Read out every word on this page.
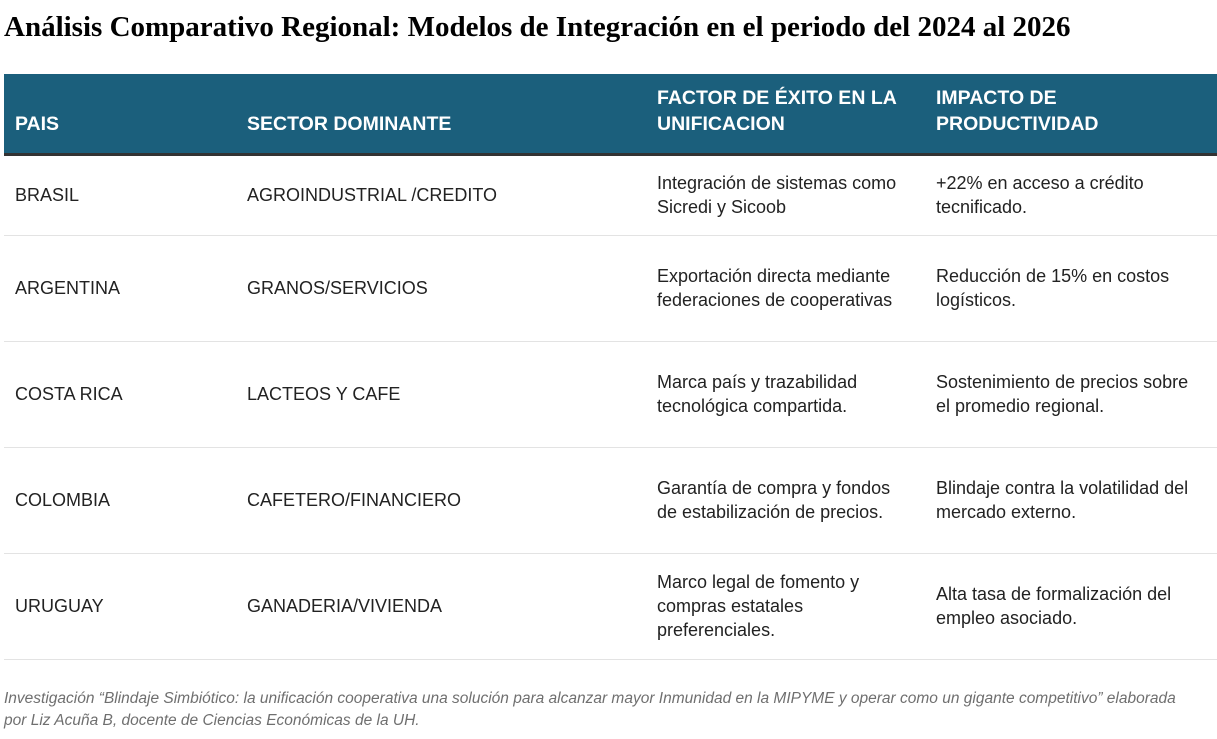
Análisis Comparativo Regional: Modelos de Integración en el periodo del 2024 al 2026
PAIS	SECTOR DOMINANTE	FACTOR DE ÉXITO EN LA UNIFICACION	IMPACTO DE PRODUCTIVIDAD
BRASIL	AGROINDUSTRIAL /CREDITO	Integración de sistemas como Sicredi y Sicoob	+22% en acceso a crédito tecnificado.
ARGENTINA	GRANOS/SERVICIOS	Exportación directa mediante federaciones de cooperativas	Reducción de 15% en costos logísticos.
COSTA RICA	LACTEOS Y CAFE	Marca país y trazabilidad tecnológica compartida.	Sostenimiento de precios sobre el promedio regional.
COLOMBIA	CAFETERO/FINANCIERO	Garantía de compra y fondos de estabilización de precios.	Blindaje contra la volatilidad del mercado externo.
URUGUAY	GANADERIA/VIVIENDA	Marco legal de fomento y compras estatales preferenciales.	Alta tasa de formalización del empleo asociado.

Investigación “Blindaje Simbiótico: la unificación cooperativa una solución para alcanzar mayor Inmunidad en la MIPYME y operar como un gigante competitivo” elaborada por Liz Acuña B, docente de Ciencias Económicas de la UH.
